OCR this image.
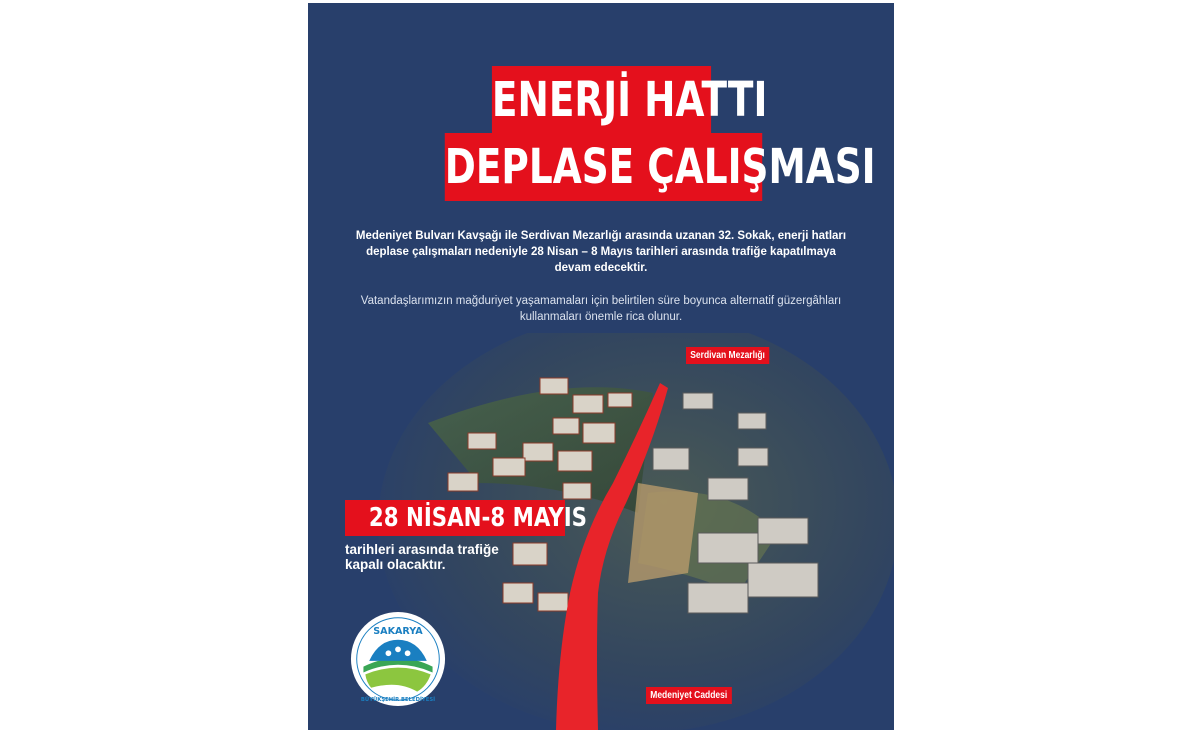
ENERJİ HATTI
DEPLASE ÇALIŞMASI
Medeniyet Bulvarı Kavşağı ile Serdivan Mezarlığı arasında uzanan 32. Sokak, enerji hatları deplase çalışmaları nedeniyle 28 Nisan – 8 Mayıs tarihleri arasında trafiğe kapatılmaya devam edecektir.
Vatandaşlarımızın mağduriyet yaşamamaları için belirtilen süre boyunca alternatif güzergâhları kullanmaları önemle rica olunur.
Serdivan Mezarlığı
Medeniyet Caddesi
28 NİSAN-8 MAYIS
tarihleri arasında trafiğe kapalı olacaktır.
SAKARYA
BÜYÜKŞEHİR BELEDİYESİ
